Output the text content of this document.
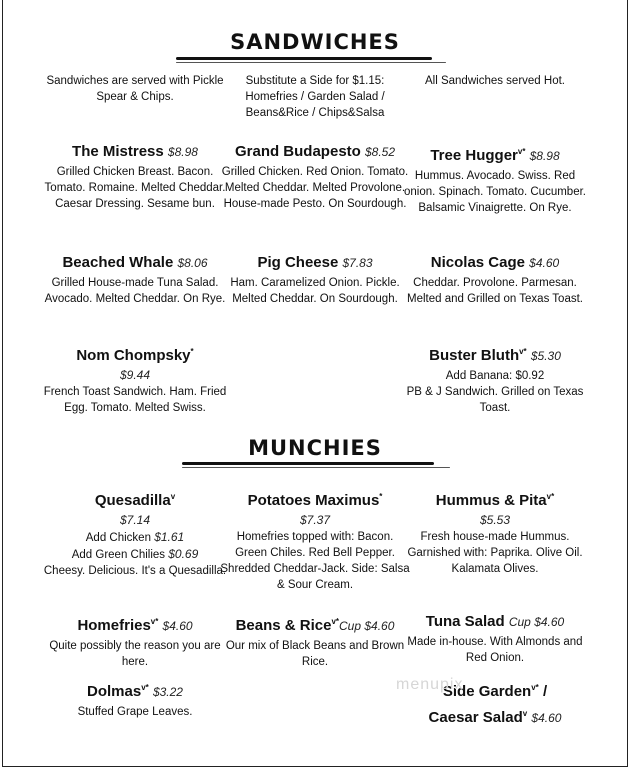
SANDWICHES
Sandwiches are served with Pickle Spear & Chips.
Substitute a Side for $1.15: Homefries / Garden Salad / Beans&Rice / Chips&Salsa
All Sandwiches served Hot.
The Mistress $8.98
Grilled Chicken Breast. Bacon. Tomato. Romaine. Melted Cheddar. Caesar Dressing. Sesame bun.
Grand Budapesto $8.52
Grilled Chicken. Red Onion. Tomato. Melted Cheddar. Melted Provolone. House-made Pesto. On Sourdough.
Tree Hugger$^{v*}$ $8.98
Hummus. Avocado. Swiss. Red onion. Spinach. Tomato. Cucumber. Balsamic Vinaigrette. On Rye.
Beached Whale $8.06
Grilled House-made Tuna Salad. Avocado. Melted Cheddar. On Rye.
Pig Cheese $7.83
Ham. Caramelized Onion. Pickle. Melted Cheddar. On Sourdough.
Nicolas Cage $4.60
Cheddar. Provolone. Parmesan. Melted and Grilled on Texas Toast.
Nom Chompsky*
$9.44
French Toast Sandwich. Ham. Fried Egg. Tomato. Melted Swiss.
Buster Bluth$^{v*}$ $5.30
Add Banana: $0.92
PB & J Sandwich. Grilled on Texas Toast.
MUNCHIES
Quesadilla$^v$
$7.14
Add Chicken $1.61
Add Green Chilies $0.69
Cheesy. Delicious. It's a Quesadilla.
Potatoes Maximus*
$7.37
Homefries topped with: Bacon. Green Chiles. Red Bell Pepper. Shredded Cheddar-Jack. Side: Salsa & Sour Cream.
Hummus & Pita$^{v*}$
$5.53
Fresh house-made Hummus. Garnished with: Paprika. Olive Oil. Kalamata Olives.
Homefries$^{v*}$ $4.60
Quite possibly the reason you are here.
Beans & Rice$^{v*}$Cup $4.60
Our mix of Black Beans and Brown Rice.
Tuna Salad Cup $4.60
Made in-house. With Almonds and Red Onion.
Dolmas$^{v*}$ $3.22
Stuffed Grape Leaves.
Side Garden$^{v*}$ /
Caesar Salad$^v$ $4.60
menupix
